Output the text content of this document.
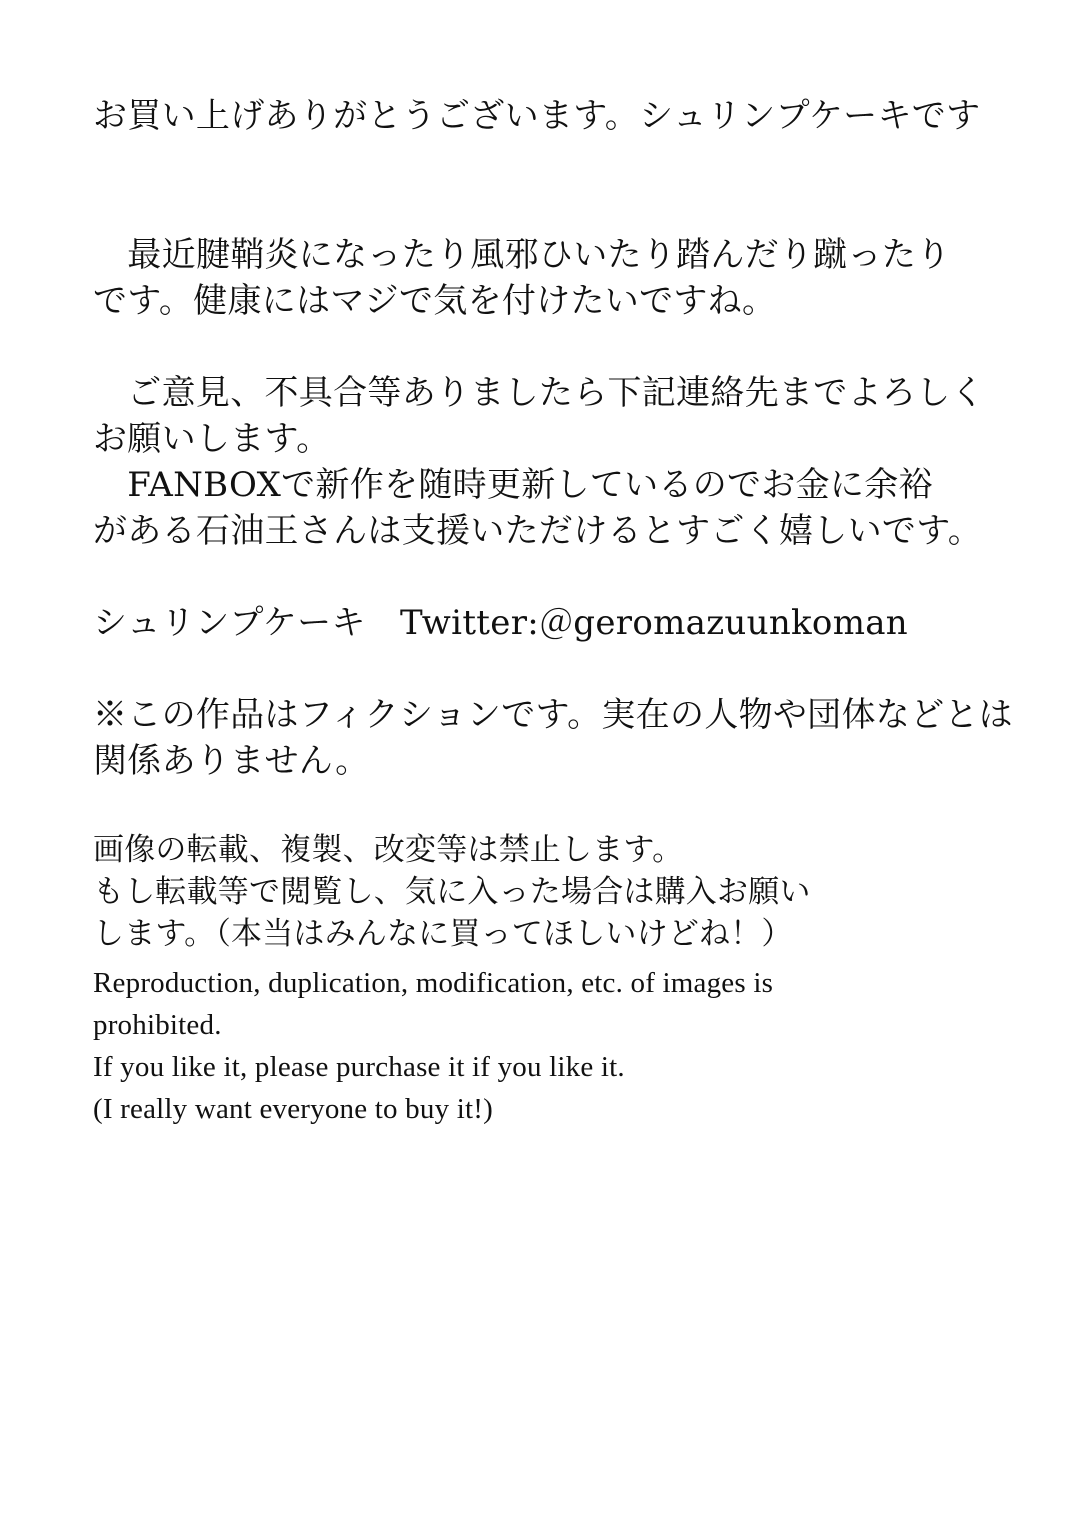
お買い上げありがとうございます。シュリンプケーキです
　最近腱鞘炎になったり風邪ひいたり踏んだり蹴ったり
です。健康にはマジで気を付けたいですね。
　ご意見、不具合等ありましたら下記連絡先までよろしく
お願いします。
　FANBOXで新作を随時更新しているのでお金に余裕
がある石油王さんは支援いただけるとすごく嬉しいです。
シュリンプケーキ　Twitter:＠geromazuunkoman
※この作品はフィクションです。実在の人物や団体などとは
関係ありません。
画像の転載、複製、改変等は禁止します。
もし転載等で閲覧し、気に入った場合は購入お願い
します。（本当はみんなに買ってほしいけどね！）
Reproduction, duplication, modification, etc. of images is
prohibited.
If you like it, please purchase it if you like it.
(I really want everyone to buy it!)
